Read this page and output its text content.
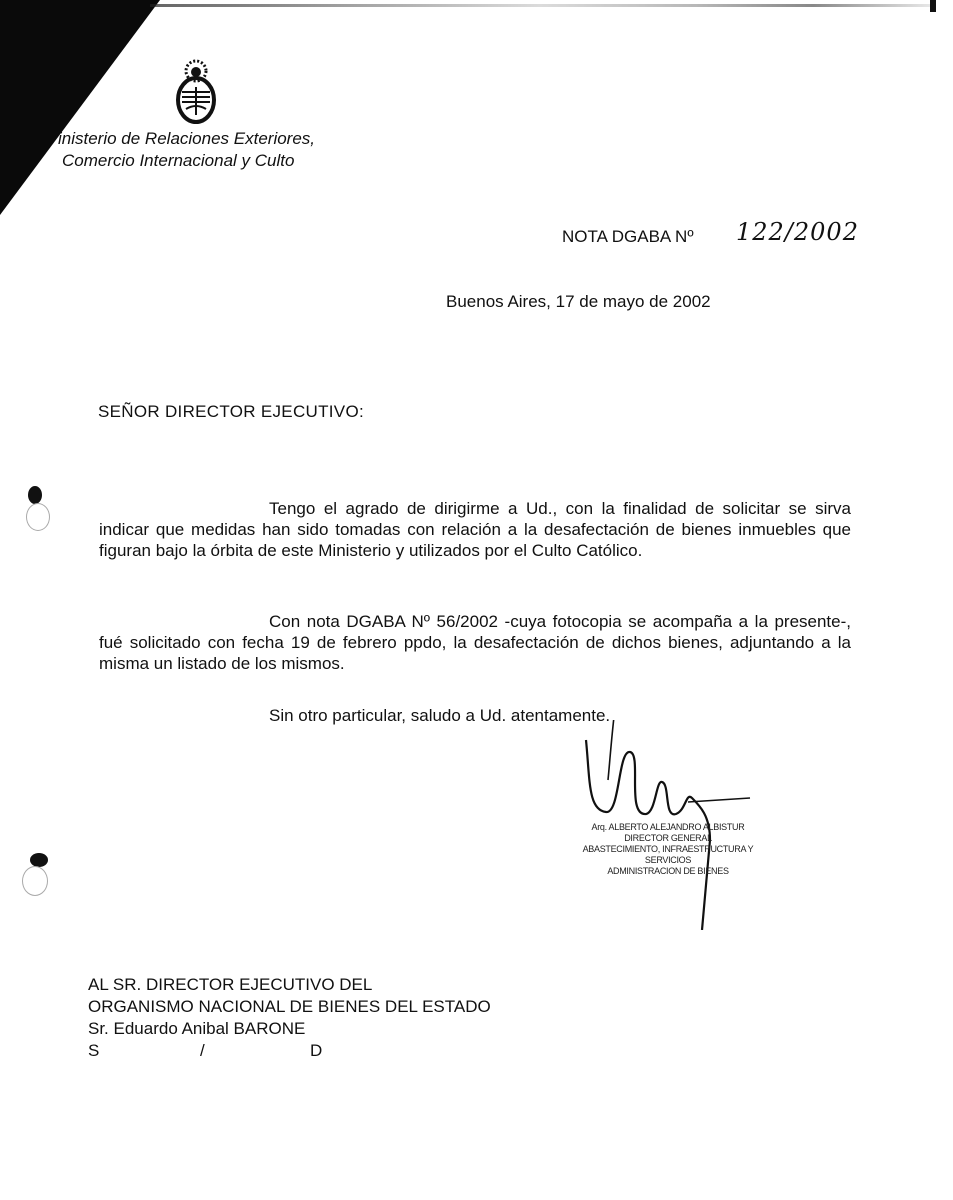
inisterio de Relaciones Exteriores,
Comercio Internacional y Culto
NOTA DGABA Nº 122/2002
Buenos Aires, 17 de mayo de 2002
SEÑOR DIRECTOR EJECUTIVO:
Tengo el agrado de dirigirme a Ud., con la finalidad de solicitar se sirva indicar que medidas han sido tomadas con relación a la desafectación de bienes inmuebles que figuran bajo la órbita de este Ministerio y utilizados por el Culto Católico.
Con nota DGABA Nº 56/2002 -cuya fotocopia se acompaña a la presente-, fué solicitado con fecha 19 de febrero ppdo, la desafectación de dichos bienes, adjuntando a la misma un listado de los mismos.
Sin otro particular, saludo a Ud. atentamente.
Arq. ALBERTO ALEJANDRO ALBISTUR
DIRECTOR GENERAL
ABASTECIMIENTO, INFRAESTRUCTURA Y SERVICIOS
ADMINISTRACION DE BIENES
AL SR. DIRECTOR EJECUTIVO DEL
ORGANISMO NACIONAL DE BIENES DEL ESTADO
Sr. Eduardo Anibal BARONE
S	/	D
